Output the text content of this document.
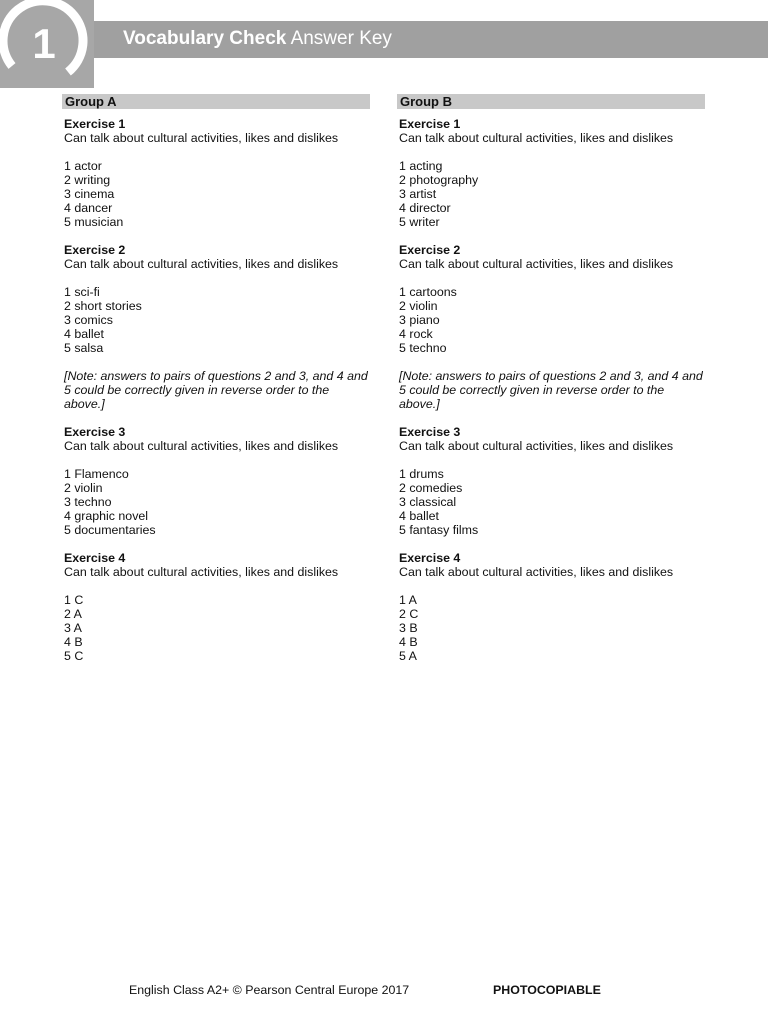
1	Vocabulary Check Answer Key
Group A
Exercise 1
Can talk about cultural activities, likes and dislikes
1 actor
2 writing
3 cinema
4 dancer
5 musician
Exercise 2
Can talk about cultural activities, likes and dislikes
1 sci-fi
2 short stories
3 comics
4 ballet
5 salsa
[Note: answers to pairs of questions 2 and 3, and 4 and 5 could be correctly given in reverse order to the above.]
Exercise 3
Can talk about cultural activities, likes and dislikes
1 Flamenco
2 violin
3 techno
4 graphic novel
5 documentaries
Exercise 4
Can talk about cultural activities, likes and dislikes
1 C
2 A
3 A
4 B
5 C
Group B
Exercise 1
Can talk about cultural activities, likes and dislikes
1 acting
2 photography
3 artist
4 director
5 writer
Exercise 2
Can talk about cultural activities, likes and dislikes
1 cartoons
2 violin
3 piano
4 rock
5 techno
[Note: answers to pairs of questions 2 and 3, and 4 and 5 could be correctly given in reverse order to the above.]
Exercise 3
Can talk about cultural activities, likes and dislikes
1 drums
2 comedies
3 classical
4 ballet
5 fantasy films
Exercise 4
Can talk about cultural activities, likes and dislikes
1 A
2 C
3 B
4 B
5 A
English Class A2+ © Pearson Central Europe 2017	PHOTOCOPIABLE
